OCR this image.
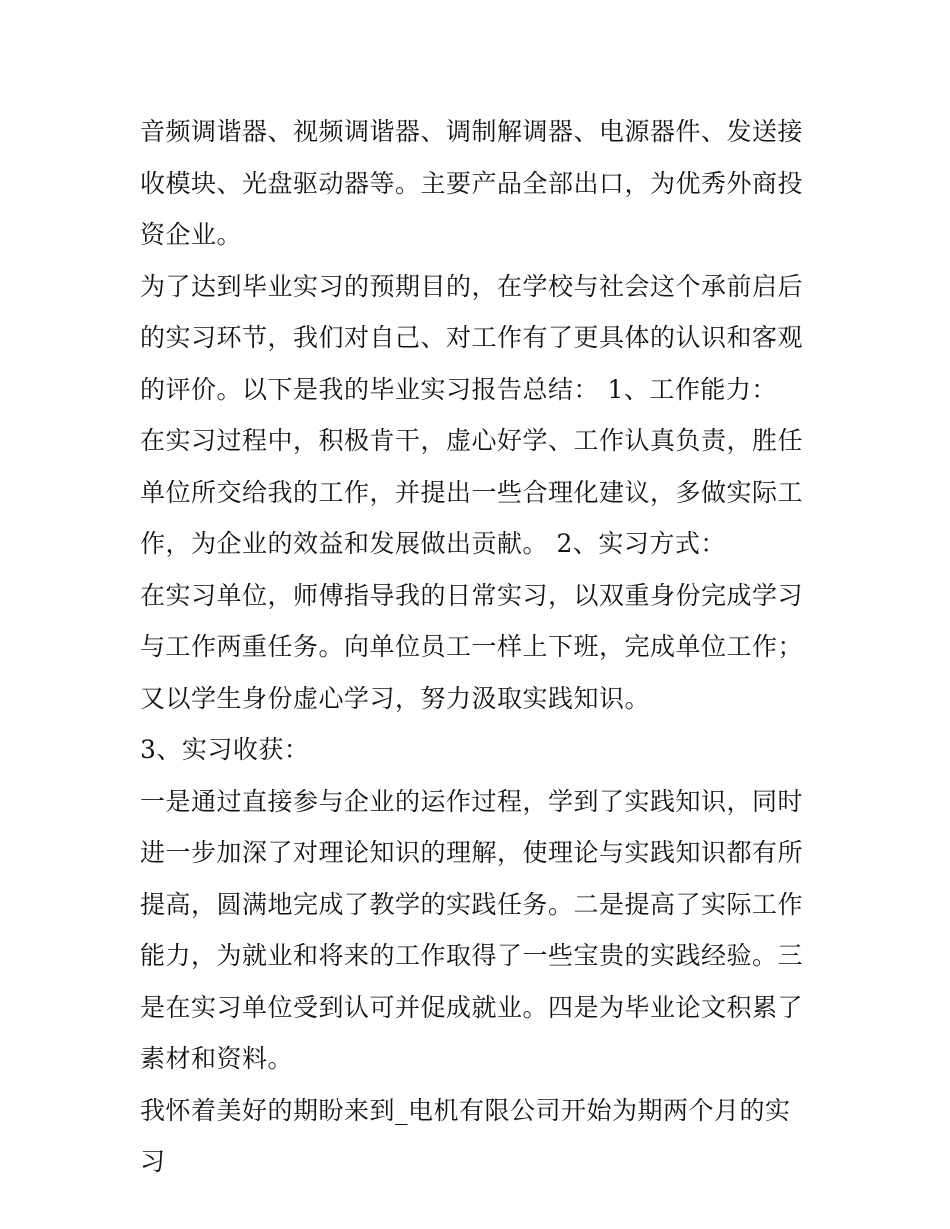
音频调谐器、视频调谐器、调制解调器、电源器件、发送接收模块、光盘驱动器等。主要产品全部出口，为优秀外商投资企业。

为了达到毕业实习的预期目的，在学校与社会这个承前启后的实习环节，我们对自己、对工作有了更具体的认识和客观的评价。以下是我的毕业实习报告总结： 1、工作能力：

在实习过程中，积极肯干，虚心好学、工作认真负责，胜任单位所交给我的工作，并提出一些合理化建议，多做实际工作，为企业的效益和发展做出贡献。 2、实习方式：

在实习单位，师傅指导我的日常实习，以双重身份完成学习与工作两重任务。向单位员工一样上下班，完成单位工作；又以学生身份虚心学习，努力汲取实践知识。

3、实习收获：

一是通过直接参与企业的运作过程，学到了实践知识，同时进一步加深了对理论知识的理解，使理论与实践知识都有所提高，圆满地完成了教学的实践任务。二是提高了实际工作能力，为就业和将来的工作取得了一些宝贵的实践经验。三是在实习单位受到认可并促成就业。四是为毕业论文积累了素材和资料。

我怀着美好的期盼来到_电机有限公司开始为期两个月的实习
